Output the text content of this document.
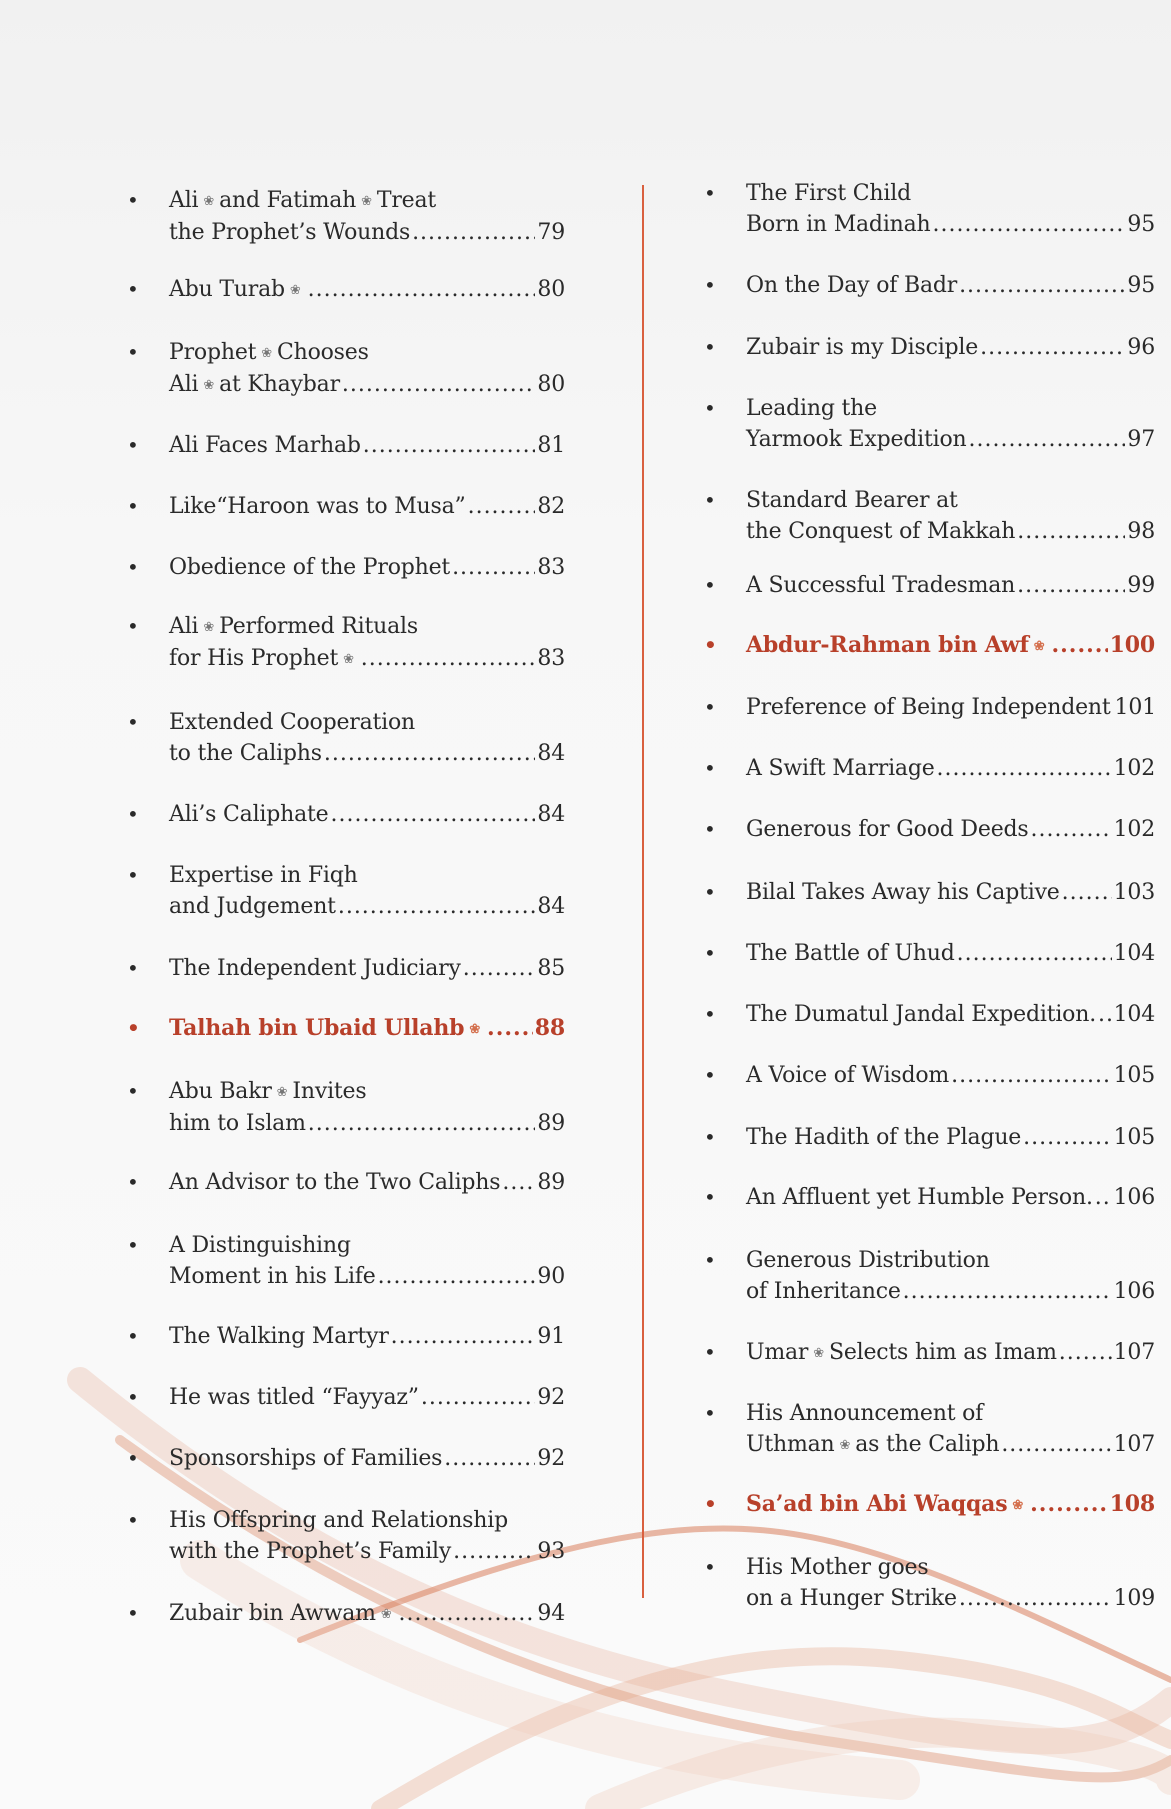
• Ali ❀ and Fatimah ❀ Treat
the Prophet’s Wounds .....	79
• Abu Turab ❀ .....	80
• Prophet ❀ Chooses
Ali ❀ at Khaybar .....	80
• Ali Faces Marhab .....	81
• Like“Haroon was to Musa” .....	82
• Obedience of the Prophet .....	83
• Ali ❀ Performed Rituals
for His Prophet ❀ .....	83
• Extended Cooperation
to the Caliphs .....	84
• Ali’s Caliphate .....	84
• Expertise in Fiqh
and Judgement .....	84
• The Independent Judiciary .....	85
• Talhah bin Ubaid Ullahb ❀ ..... 88
• Abu Bakr ❀ Invites
him to Islam .....	89
• An Advisor to the Two Caliphs ..... 89
• A Distinguishing
Moment in his Life .....	90
• The Walking Martyr .....	91
• He was titled “Fayyaz” .....	92
• Sponsorships of Families .....	92
• His Offspring and Relationship
with the Prophet’s Family .....	93
• Zubair bin Awwam ❀ .....	94
• The First Child
Born in Madinah .....	95
• On the Day of Badr .....	95
• Zubair is my Disciple .....	96
• Leading the
Yarmook Expedition .....	97
• Standard Bearer at
the Conquest of Makkah .....	98
• A Successful Tradesman .....	99
• Abdur-Rahman bin Awf ❀ .....	100
• Preference of Being Independent 101
• A Swift Marriage .....	102
• Generous for Good Deeds .....	102
• Bilal Takes Away his Captive ..... 103
• The Battle of Uhud .....	104
• The Dumatul Jandal Expedition. ..... 104
• A Voice of Wisdom .....	105
• The Hadith of the Plague .....	105
• An Affluent yet Humble Person. ..... 106
• Generous Distribution
of Inheritance .....	106
• Umar ❀ Selects him as Imam .....	107
• His Announcement of
Uthman ❀ as the Caliph .....	107
• Sa’ad bin Abi Waqqas ❀ .....	108
• His Mother goes
on a Hunger Strike .....	109
